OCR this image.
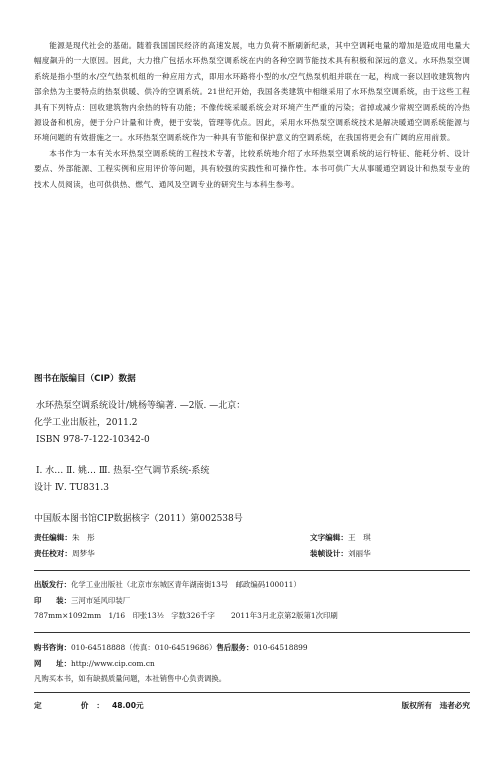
能源是现代社会的基础。随着我国国民经济的高速发展，电力负荷不断刷新纪录，其中空调耗电量的增加是造成用电量大幅度飙升的一大原因。因此，大力推广包括水环热泵空调系统在内的各种空调节能技术具有积极和深远的意义。水环热泵空调系统是指小型的水/空气热泵机组的一种应用方式，即用水环路将小型的水/空气热泵机组并联在一起，构成一套以回收建筑物内部余热为主要特点的热泵供暖、供冷的空调系统。21世纪开始，我国各类建筑中相继采用了水环热泵空调系统，由于这些工程具有下列特点：回收建筑物内余热的特有功能；不像传统采暖系统会对环境产生严重的污染；省掉或减少常规空调系统的冷热源设备和机房，便于分户计量和计费，便于安装，管理等优点。因此，采用水环热泵空调系统技术是解决暖通空调系统能源与环境问题的有效措施之一。水环热泵空调系统作为一种具有节能和保护意义的空调系统，在我国将更会有广阔的应用前景。

本书作为一本有关水环热泵空调系统的工程技术专著，比较系统地介绍了水环热泵空调系统的运行特征、能耗分析、设计要点、外部能源、工程实例和应用评价等问题，具有较强的实践性和可操作性。本书可供广大从事暖通空调设计和热泵专业的技术人员阅读，也可供供热、燃气、通风及空调专业的研究生与本科生参考。

图书在版编目（CIP）数据
水环热泵空调系统设计/姚杨等编著. —2版. —北京：
化学工业出版社，2011.2
ISBN 978-7-122-10342-0
Ⅰ. 水… Ⅱ. 姚… Ⅲ. 热泵-空气调节系统-系统
设计 Ⅳ. TU831.3
中国版本图书馆CIP数据核字（2011）第002538号
责任编辑：朱　彤	文字编辑：王　琪
责任校对：周梦华	装帧设计：刘丽华
出版发行：化学工业出版社（北京市东城区青年湖南街13号　邮政编码100011）
印　　装：三河市延风印装厂
787mm×1092mm　1/16　印张13½　字数326千字 2011年3月北京第2版第1次印刷
购书咨询：010-64518888（传真：010-64519686）售后服务：010-64518899
网　　址：http://www.cip.com.cn
凡购买本书，如有缺损质量问题，本社销售中心负责调换。
定　　价：48.00元	版权所有　违者必究
